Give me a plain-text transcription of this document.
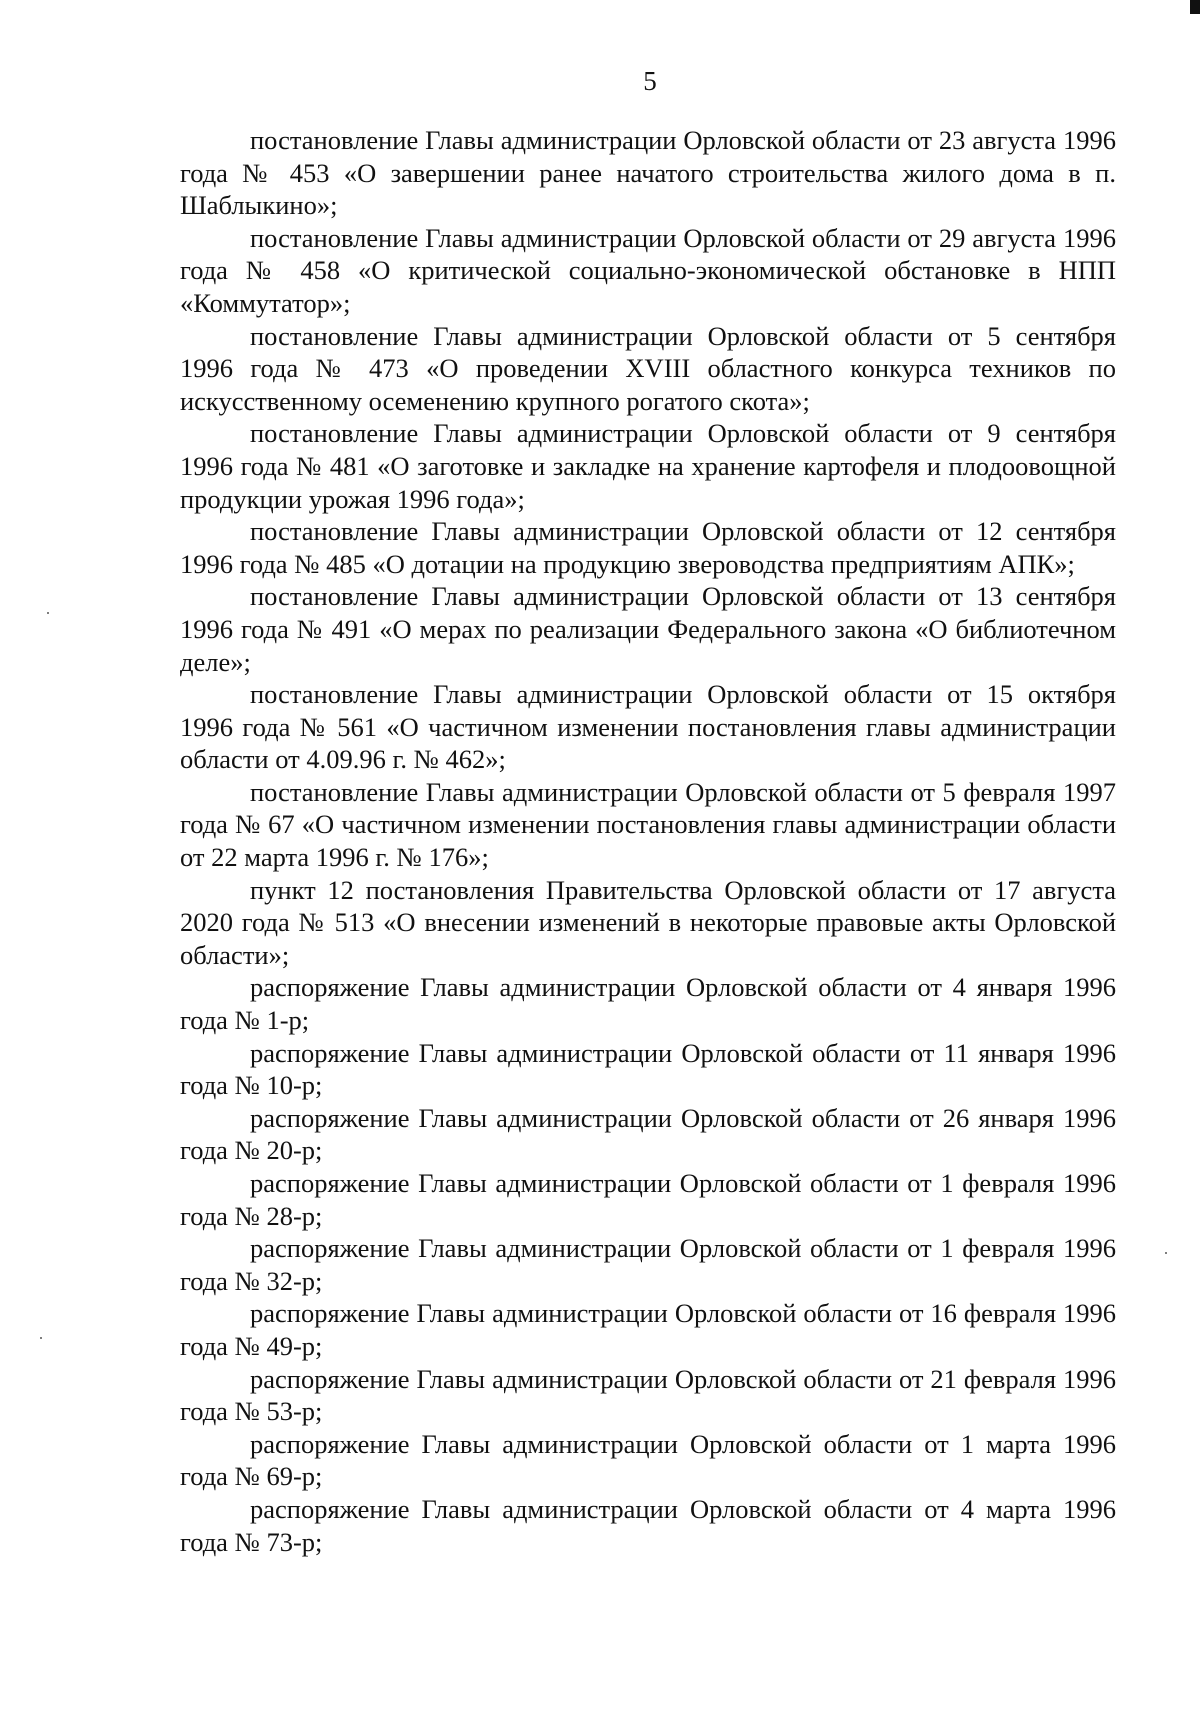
5

постановление Главы администрации Орловской области от 23 августа 1996 года № 453 «О завершении ранее начатого строительства жилого дома в п. Шаблыкино»;

постановление Главы администрации Орловской области от 29 августа 1996 года № 458 «О критической социально-экономической обстановке в НПП «Коммутатор»;

постановление Главы администрации Орловской области от 5 сентября 1996 года № 473 «О проведении XVIII областного конкурса техников по искусственному осеменению крупного рогатого скота»;

постановление Главы администрации Орловской области от 9 сентября 1996 года № 481 «О заготовке и закладке на хранение картофеля и плодоовощной продукции урожая 1996 года»;

постановление Главы администрации Орловской области от 12 сентября 1996 года № 485 «О дотации на продукцию звероводства предприятиям АПК»;

постановление Главы администрации Орловской области от 13 сентября 1996 года № 491 «О мерах по реализации Федерального закона «О библиотечном деле»;

постановление Главы администрации Орловской области от 15 октября 1996 года № 561 «О частичном изменении постановления главы администрации области от 4.09.96 г. № 462»;

постановление Главы администрации Орловской области от 5 февраля 1997 года № 67 «О частичном изменении постановления главы администрации области от 22 марта 1996 г. № 176»;

пункт 12 постановления Правительства Орловской области от 17 августа 2020 года № 513 «О внесении изменений в некоторые правовые акты Орловской области»;

распоряжение Главы администрации Орловской области от 4 января 1996 года № 1-р;

распоряжение Главы администрации Орловской области от 11 января 1996 года № 10-р;

распоряжение Главы администрации Орловской области от 26 января 1996 года № 20-р;

распоряжение Главы администрации Орловской области от 1 февраля 1996 года № 28-р;

распоряжение Главы администрации Орловской области от 1 февраля 1996 года № 32-р;

распоряжение Главы администрации Орловской области от 16 февраля 1996 года № 49-р;

распоряжение Главы администрации Орловской области от 21 февраля 1996 года № 53-р;

распоряжение Главы администрации Орловской области от 1 марта 1996 года № 69-р;

распоряжение Главы администрации Орловской области от 4 марта 1996 года № 73-р;
